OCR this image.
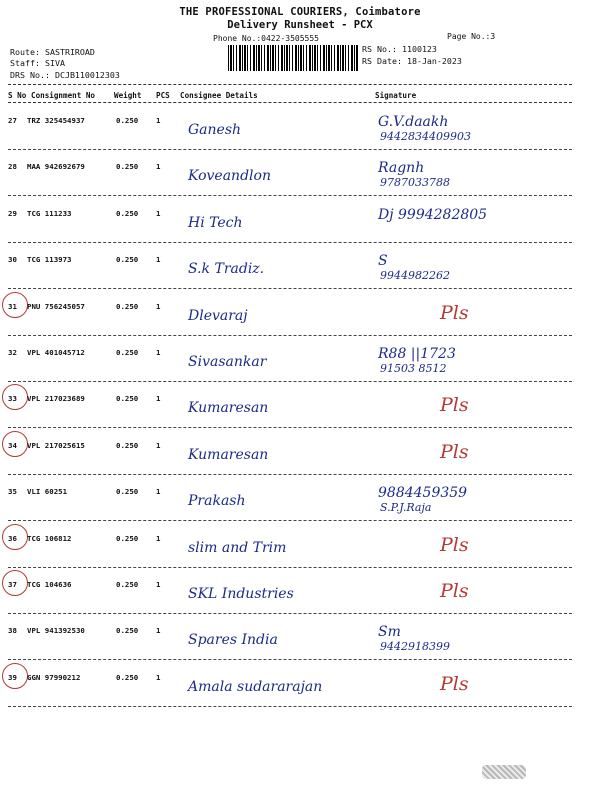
THE PROFESSIONAL COURIERS, Coimbatore
Delivery Runsheet - PCX
Phone No.:0422-3505555	Page No.:3
Route: SASTRIROAD
Staff: SIVA
DRS No.: DCJB110012303
RS No.: 1100123
RS Date: 18-Jan-2023
S No Consignment No Weight PCS Consignee Details	Signature
27 TRZ 325454937	0.250 1
Ganesh	G.V.daakh
9442834409903
28 MAA 942692679	0.250 1
Koveandlon	Ragnh
9787033788
29 TCG 111233	0.250 1
Hi Tech	Dj 9994282805
30 TCG 113973	0.250 1
S.k Tradiz.	S
9944982262
31 PNU 756245057	0.250 1
Dlevaraj	Pls
32 VPL 401045712	0.250 1
Sivasankar	R88 ||1723
91503 8512
33 VPL 217023689	0.250 1
Kumaresan	Pls
34 VPL 217025615	0.250 1
Kumaresan	Pls
35 VLI 60251	0.250 1
Prakash	9884459359
S.P.J.Raja
36 TCG 106812	0.250 1
slim and Trim	Pls
37 TCG 104636	0.250 1
SKL Industries	Pls
38 VPL 941392530	0.250 1
Spares India	Sm
9442918399
39 GGN 97990212	0.250 1
Amala sudararajan	Pls
